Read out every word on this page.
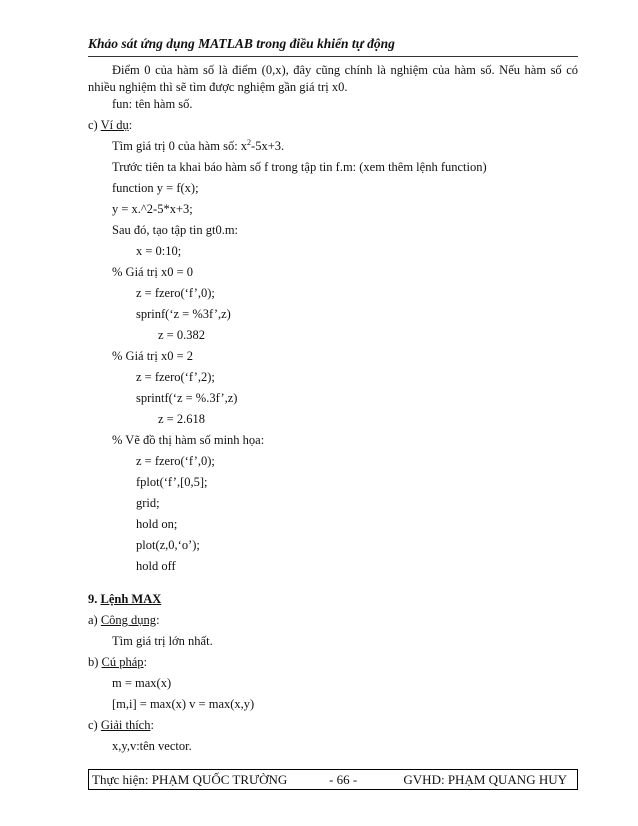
Khảo sát ứng dụng MATLAB trong điều khiển tự động
Điểm 0 của hàm số là điểm (0,x), đây cũng chính là nghiệm của hàm số. Nếu hàm số có nhiều nghiệm thì sẽ tìm được nghiệm gần giá trị x0.
fun: tên hàm số.
c) Ví dụ:
Tìm giá trị 0 của hàm số: $x^2-5x+3$.
Trước tiên ta khai báo hàm số f trong tập tin f.m: (xem thêm lệnh function)
function y = f(x);
y = x.^2-5*x+3;
Sau đó, tạo tập tin gt0.m:
x = 0:10;
% Giá trị x0 = 0
z = fzero(‘f’,0);
sprinf(‘z = %3f’,z)
z = 0.382
% Giá trị x0 = 2
z = fzero(‘f’,2);
sprintf(‘z = %.3f’,z)
z = 2.618
% Vẽ đồ thị hàm số minh họa:
z = fzero(‘f’,0);
fplot(‘f’,[0,5];
grid;
hold on;
plot(z,0,‘o’);
hold off
9. Lệnh MAX
a) Công dụng:
Tìm giá trị lớn nhất.
b) Cú pháp:
m = max(x)
[m,i] = max(x) v = max(x,y)
c) Giải thích:
x,y,v:tên vector.
Thực hiện: PHẠM QUỐC TRƯỜNG	- 66 -	GVHD: PHẠM QUANG HUY
